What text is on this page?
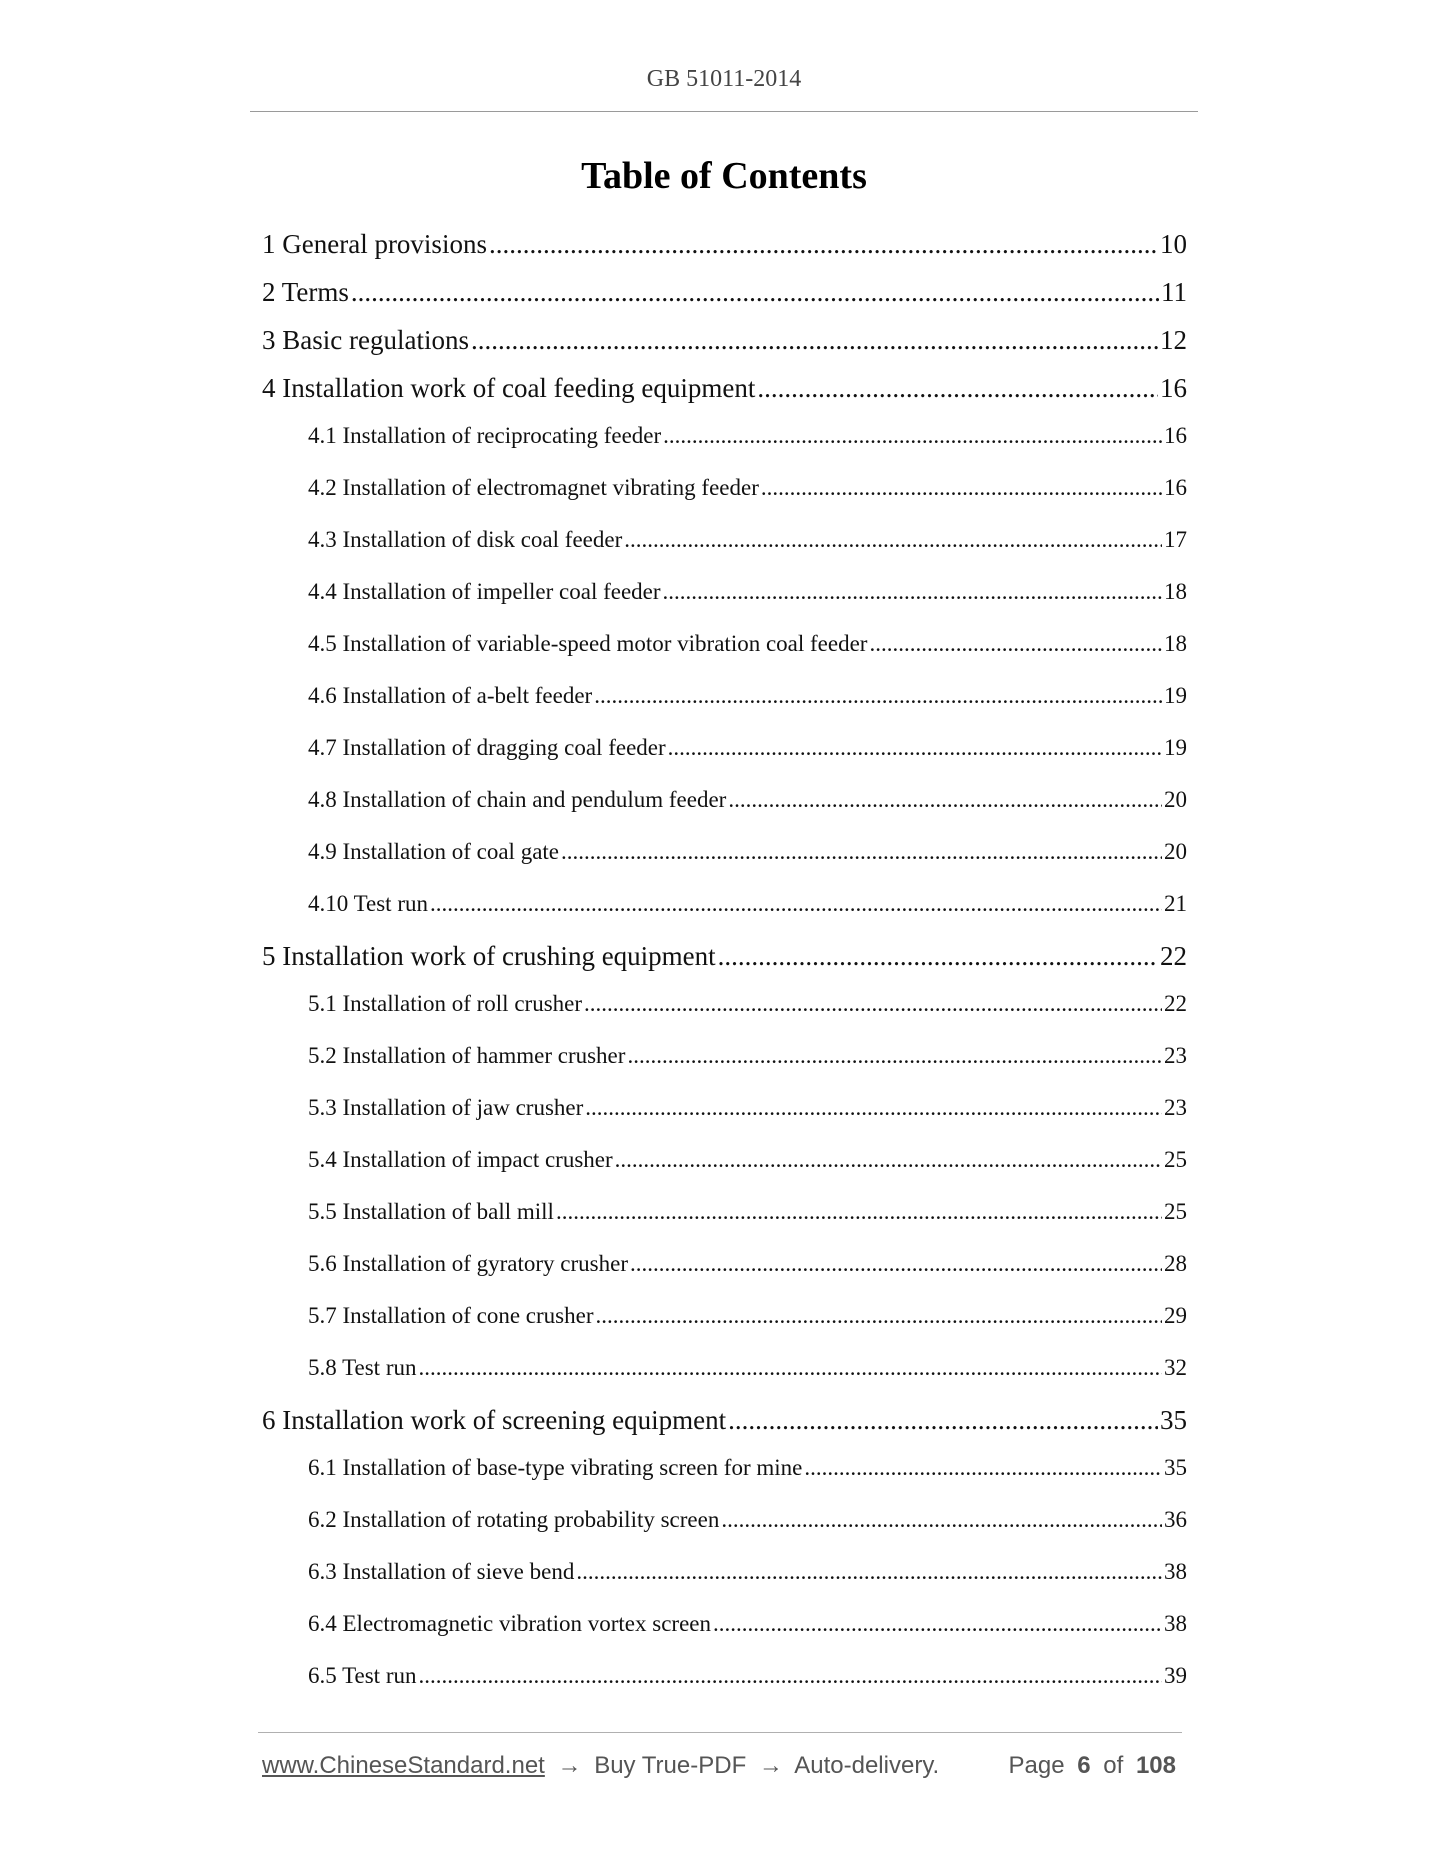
GB 51011-2014
Table of Contents
1 General provisions .....	10
2 Terms .....	11
3 Basic regulations .....	12
4 Installation work of coal feeding equipment .....	16
4.1 Installation of reciprocating feeder .....	16
4.2 Installation of electromagnet vibrating feeder .....	16
4.3 Installation of disk coal feeder .....	17
4.4 Installation of impeller coal feeder .....	18
4.5 Installation of variable-speed motor vibration coal feeder .....	18
4.6 Installation of a-belt feeder .....	19
4.7 Installation of dragging coal feeder .....	19
4.8 Installation of chain and pendulum feeder .....	20
4.9 Installation of coal gate .....	20
4.10 Test run .....	21
5 Installation work of crushing equipment .....	22
5.1 Installation of roll crusher .....	22
5.2 Installation of hammer crusher .....	23
5.3 Installation of jaw crusher .....	23
5.4 Installation of impact crusher .....	25
5.5 Installation of ball mill .....	25
5.6 Installation of gyratory crusher .....	28
5.7 Installation of cone crusher .....	29
5.8 Test run .....	32
6 Installation work of screening equipment .....	35
6.1 Installation of base-type vibrating screen for mine .....	35
6.2 Installation of rotating probability screen .....	36
6.3 Installation of sieve bend .....	38
6.4 Electromagnetic vibration vortex screen .....	38
6.5 Test run .....	39
www.ChineseStandard.net → Buy True-PDF → Auto-delivery.	Page 6 of 108
